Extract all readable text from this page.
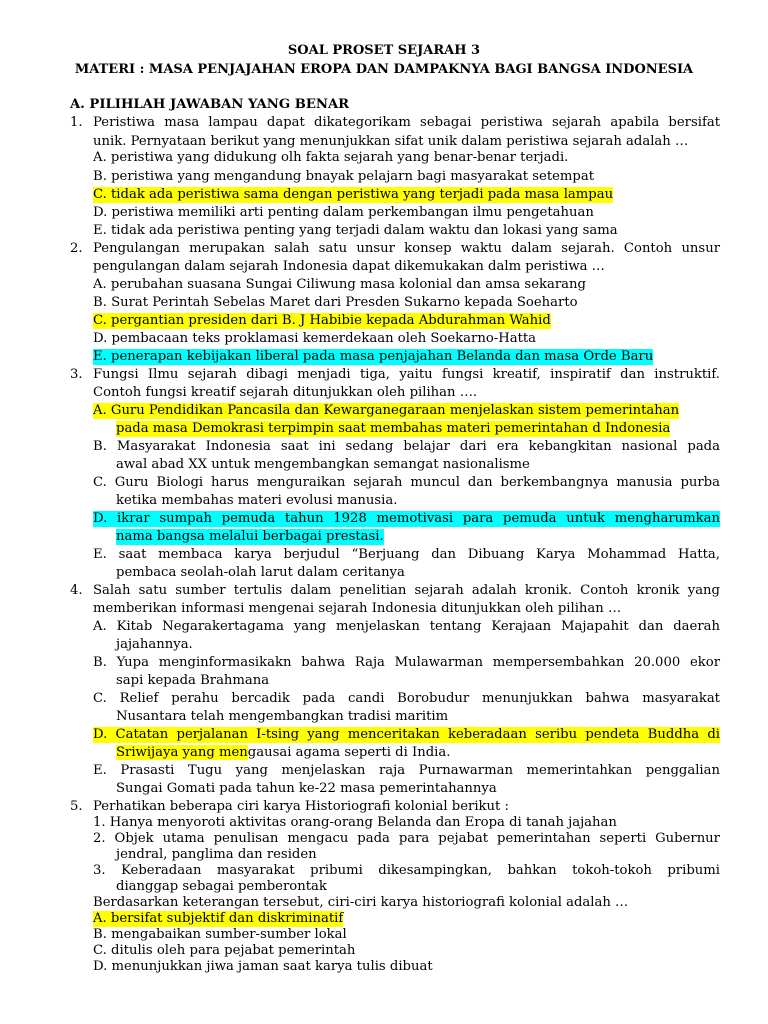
SOAL PROSET SEJARAH 3
MATERI : MASA PENJAJAHAN EROPA DAN DAMPAKNYA BAGI BANGSA INDONESIA
A. PILIHLAH JAWABAN YANG BENAR
1. Peristiwa masa lampau dapat dikategorikam sebagai peristiwa sejarah apabila bersifat
unik. Pernyataan berikut yang menunjukkan sifat unik dalam peristiwa sejarah adalah …
A. peristiwa yang didukung olh fakta sejarah yang benar-benar terjadi.
B. peristiwa yang mengandung bnayak pelajarn bagi masyarakat setempat
C. tidak ada peristiwa sama dengan peristiwa yang terjadi pada masa lampau
D. peristiwa memiliki arti penting dalam perkembangan ilmu pengetahuan
E. tidak ada peristiwa penting yang terjadi dalam waktu dan lokasi yang sama
2. Pengulangan merupakan salah satu unsur konsep waktu dalam sejarah. Contoh unsur
pengulangan dalam sejarah Indonesia dapat dikemukakan dalm peristiwa …
A. perubahan suasana Sungai Ciliwung masa kolonial dan amsa sekarang
B. Surat Perintah Sebelas Maret dari Presden Sukarno kepada Soeharto
C. pergantian presiden dari B. J Habibie kepada Abdurahman Wahid
D. pembacaan teks proklamasi kemerdekaan oleh Soekarno-Hatta
E. penerapan kebijakan liberal pada masa penjajahan Belanda dan masa Orde Baru
3. Fungsi Ilmu sejarah dibagi menjadi tiga, yaitu fungsi kreatif, inspiratif dan instruktif.
Contoh fungsi kreatif sejarah ditunjukkan oleh pilihan ….
A. Guru Pendidikan Pancasila dan Kewarganegaraan menjelaskan sistem pemerintahan
pada masa Demokrasi terpimpin saat membahas materi pemerintahan d Indonesia
B. Masyarakat Indonesia saat ini sedang belajar dari era kebangkitan nasional pada
awal abad XX untuk mengembangkan semangat nasionalisme
C. Guru Biologi harus menguraikan sejarah muncul dan berkembangnya manusia purba
ketika membahas materi evolusi manusia.
D. ikrar sumpah pemuda tahun 1928 memotivasi para pemuda untuk mengharumkan
nama bangsa melalui berbagai prestasi.
E. saat membaca karya berjudul “Berjuang dan Dibuang Karya Mohammad Hatta,
pembaca seolah-olah larut dalam ceritanya
4. Salah satu sumber tertulis dalam penelitian sejarah adalah kronik. Contoh kronik yang
memberikan informasi mengenai sejarah Indonesia ditunjukkan oleh pilihan …
A. Kitab Negarakertagama yang menjelaskan tentang Kerajaan Majapahit dan daerah
jajahannya.
B. Yupa menginformasikakn bahwa Raja Mulawarman mempersembahkan 20.000 ekor
sapi kepada Brahmana
C. Relief perahu bercadik pada candi Borobudur menunjukkan bahwa masyarakat
Nusantara telah mengembangkan tradisi maritim
D. Catatan perjalanan I-tsing yang menceritakan keberadaan seribu pendeta Buddha di
Sriwijaya yang mengausai agama seperti di India.
E. Prasasti Tugu yang menjelaskan raja Purnawarman memerintahkan penggalian
Sungai Gomati pada tahun ke-22 masa pemerintahannya
5. Perhatikan beberapa ciri karya Historiografi kolonial berikut :
1. Hanya menyoroti aktivitas orang-orang Belanda dan Eropa di tanah jajahan
2. Objek utama penulisan mengacu pada para pejabat pemerintahan seperti Gubernur
jendral, panglima dan residen
3. Keberadaan masyarakat pribumi dikesampingkan, bahkan tokoh-tokoh pribumi
dianggap sebagai pemberontak
Berdasarkan keterangan tersebut, ciri-ciri karya historiografi kolonial adalah …
A. bersifat subjektif dan diskriminatif
B. mengabaikan sumber-sumber lokal
C. ditulis oleh para pejabat pemerintah
D. menunjukkan jiwa jaman saat karya tulis dibuat
